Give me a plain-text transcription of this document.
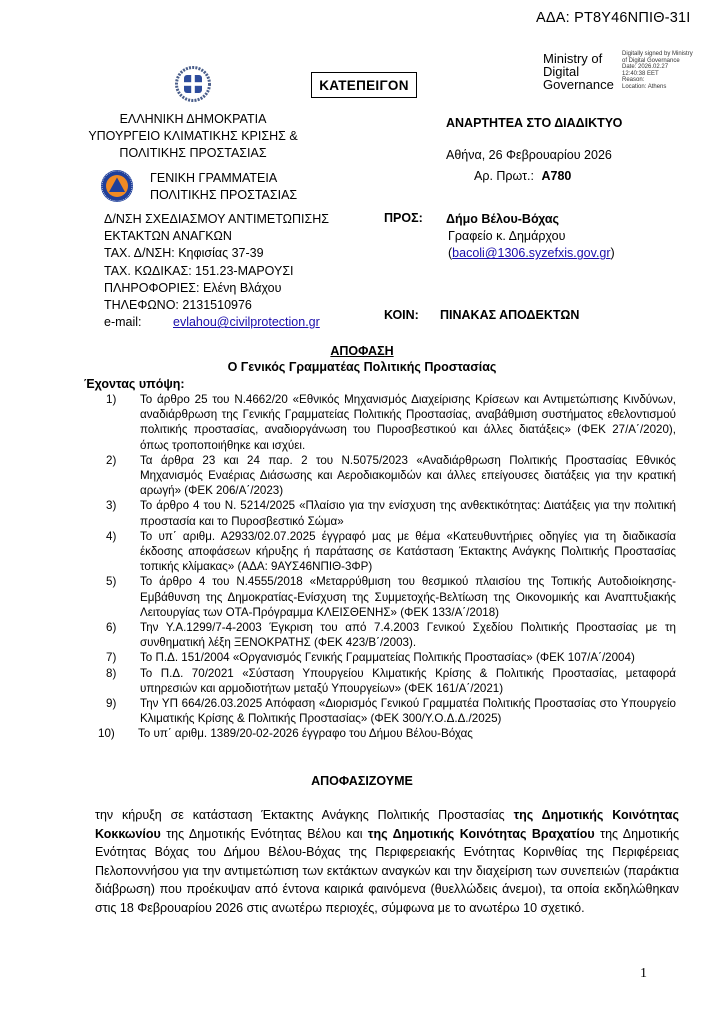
ΑΔΑ: ΡΤ8Υ46ΝΠΙΘ-31Ι
Ministry of
Digital
Governance
Digitally signed by Ministry
of Digital Governance
Date: 2026.02.27
12:40:38 EET
Reason:
Location: Athens
ΚΑΤΕΠΕΙΓΟΝ
ΕΛΛΗΝΙΚΗ ΔΗΜΟΚΡΑΤΙΑ
ΥΠΟΥΡΓΕΙΟ ΚΛΙΜΑΤΙΚΗΣ ΚΡΙΣΗΣ &
ΠΟΛΙΤΙΚΗΣ ΠΡΟΣΤΑΣΙΑΣ
ΓΕΝΙΚΗ ΓΡΑΜΜΑΤΕΙΑ
ΠΟΛΙΤΙΚΗΣ ΠΡΟΣΤΑΣΙΑΣ
ΑΝΑΡΤΗΤΕΑ ΣΤΟ ΔΙΑΔΙΚΤΥΟ
Αθήνα, 26 Φεβρουαρίου 2026
Αρ. Πρωτ.: Α780
Δ/ΝΣΗ ΣΧΕΔΙΑΣΜΟΥ ΑΝΤΙΜΕΤΩΠΙΣΗΣ
ΕΚΤΑΚΤΩΝ ΑΝΑΓΚΩΝ
ΤΑΧ. Δ/ΝΣΗ: Κηφισίας 37-39
ΤΑΧ. ΚΩΔΙΚΑΣ: 151.23-ΜΑΡΟΥΣΙ
ΠΛΗΡΟΦΟΡΙΕΣ: Ελένη Βλάχου
ΤΗΛΕΦΩΝΟ: 2131510976
e-mail:	evlahou@civilprotection.gr
ΠΡΟΣ: Δήμο Βέλου-Βόχας
Γραφείο κ. Δημάρχου
(bacoli@1306.syzefxis.gov.gr)
ΚΟΙΝ: ΠΙΝΑΚΑΣ ΑΠΟΔΕΚΤΩΝ
ΑΠΟΦΑΣΗ
Ο Γενικός Γραμματέας Πολιτικής Προστασίας
Έχοντας υπόψη:
1)	Το άρθρο 25 του Ν.4662/20 «Εθνικός Μηχανισμός Διαχείρισης Κρίσεων και Αντιμετώπισης Κινδύνων, αναδιάρθρωση της Γενικής Γραμματείας Πολιτικής Προστασίας, αναβάθμιση συστήματος εθελοντισμού πολιτικής προστασίας, αναδιοργάνωση του Πυροσβεστικού και άλλες διατάξεις» (ΦΕΚ 27/Α΄/2020), όπως τροποποιήθηκε και ισχύει.
2)	Τα άρθρα 23 και 24 παρ. 2 του Ν.5075/2023 «Αναδιάρθρωση Πολιτικής Προστασίας Εθνικός Μηχανισμός Εναέριας Διάσωσης και Αεροδιακομιδών και άλλες επείγουσες διατάξεις για την κρατική αρωγή» (ΦΕΚ 206/Α΄/2023)
3)	Το άρθρο 4 του Ν. 5214/2025 «Πλαίσιο για την ενίσχυση της ανθεκτικότητας: Διατάξεις για την πολιτική προστασία και το Πυροσβεστικό Σώμα»
4)	Το υπ΄ αριθμ. Α2933/02.07.2025 έγγραφό μας με θέμα «Κατευθυντήριες οδηγίες για τη διαδικασία έκδοσης αποφάσεων κήρυξης ή παράτασης σε Κατάσταση Έκτακτης Ανάγκης Πολιτικής Προστασίας τοπικής κλίμακας» (ΑΔΑ: 9ΑΥΣ46ΝΠΙΘ-3ΦΡ)
5)	Το άρθρο 4 του Ν.4555/2018 «Μεταρρύθμιση του θεσμικού πλαισίου της Τοπικής Αυτοδιοίκησης-Εμβάθυνση της Δημοκρατίας-Ενίσχυση της Συμμετοχής-Βελτίωση της Οικονομικής και Αναπτυξιακής Λειτουργίας των ΟΤΑ-Πρόγραμμα ΚΛΕΙΣΘΕΝΗΣ» (ΦΕΚ 133/Α΄/2018)
6)	Την Υ.Α.1299/7-4-2003 Έγκριση του από 7.4.2003 Γενικού Σχεδίου Πολιτικής Προστασίας με τη συνθηματική λέξη ΞΕΝΟΚΡΑΤΗΣ (ΦΕΚ 423/Β΄/2003).
7)	Το Π.Δ. 151/2004 «Οργανισμός Γενικής Γραμματείας Πολιτικής Προστασίας» (ΦΕΚ 107/Α΄/2004)
8)	Το Π.Δ. 70/2021 «Σύσταση Υπουργείου Κλιματικής Κρίσης & Πολιτικής Προστασίας, μεταφορά υπηρεσιών και αρμοδιοτήτων μεταξύ Υπουργείων» (ΦΕΚ 161/Α΄/2021)
9)	Την ΥΠ 664/26.03.2025 Απόφαση «Διορισμός Γενικού Γραμματέα Πολιτικής Προστασίας στο Υπουργείο Κλιματικής Κρίσης & Πολιτικής Προστασίας» (ΦΕΚ 300/Υ.Ο.Δ.Δ./2025)
10)	Το υπ΄ αριθμ. 1389/20-02-2026 έγγραφο του Δήμου Βέλου-Βόχας
ΑΠΟΦΑΣΙΖΟΥΜΕ
την κήρυξη σε κατάσταση Έκτακτης Ανάγκης Πολιτικής Προστασίας της Δημοτικής Κοινότητας Κοκκωνίου της Δημοτικής Ενότητας Βέλου και της Δημοτικής Κοινότητας Βραχατίου της Δημοτικής Ενότητας Βόχας του Δήμου Βέλου-Βόχας της Περιφερειακής Ενότητας Κορινθίας της Περιφέρειας Πελοποννήσου για την αντιμετώπιση των εκτάκτων αναγκών και την διαχείριση των συνεπειών (παράκτια διάβρωση) που προέκυψαν από έντονα καιρικά φαινόμενα (θυελλώδεις άνεμοι), τα οποία εκδηλώθηκαν στις 18 Φεβρουαρίου 2026 στις ανωτέρω περιοχές, σύμφωνα με το ανωτέρω 10 σχετικό.
1
